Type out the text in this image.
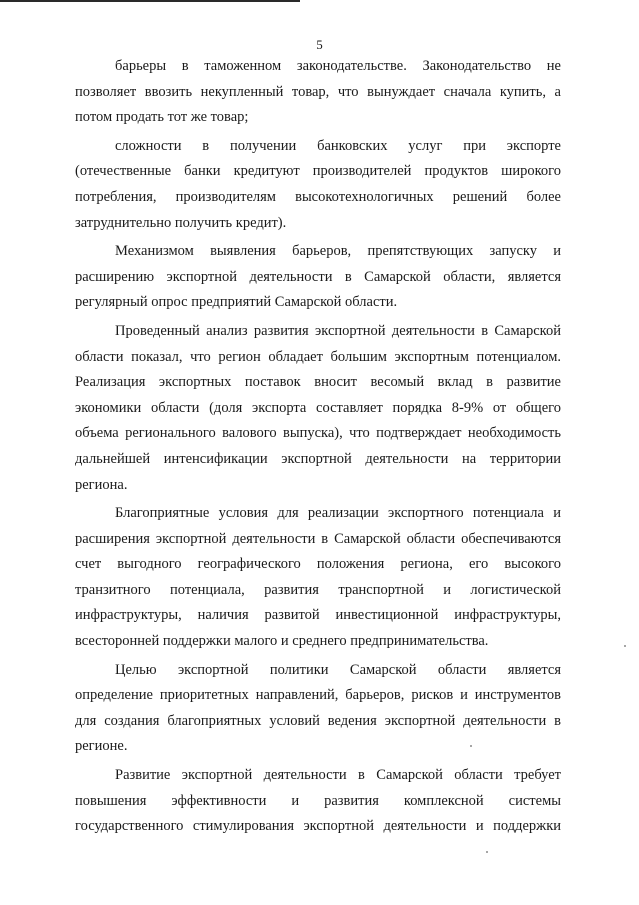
5
барьеры в таможенном законодательстве. Законодательство не
позволяет ввозить некупленный товар, что вынуждает сначала купить, а
потом продать тот же товар;
сложности в получении банковских услуг при экспорте
(отечественные банки кредитуют производителей продуктов широкого
потребления, производителям высокотехнологичных решений более
затруднительно получить кредит).
Механизмом выявления барьеров, препятствующих запуску и
расширению экспортной деятельности в Самарской области, является
регулярный опрос предприятий Самарской области.
Проведенный анализ развития экспортной деятельности в Самарской
области показал, что регион обладает большим экспортным потенциалом.
Реализация экспортных поставок вносит весомый вклад в развитие
экономики области (доля экспорта составляет порядка 8-9% от общего
объема регионального валового выпуска), что подтверждает необходимость
дальнейшей интенсификации экспортной деятельности на территории
региона.
Благоприятные условия для реализации экспортного потенциала и
расширения экспортной деятельности в Самарской области обеспечиваются
счет выгодного географического положения региона, его высокого
транзитного потенциала, развития транспортной и логистической
инфраструктуры, наличия развитой инвестиционной инфраструктуры,
всесторонней поддержки малого и среднего предпринимательства.
Целью экспортной политики Самарской области является
определение приоритетных направлений, барьеров, рисков и инструментов
для создания благоприятных условий ведения экспортной деятельности в
регионе.
Развитие экспортной деятельности в Самарской области требует
повышения эффективности и развития комплексной системы
государственного стимулирования экспортной деятельности и поддержки
